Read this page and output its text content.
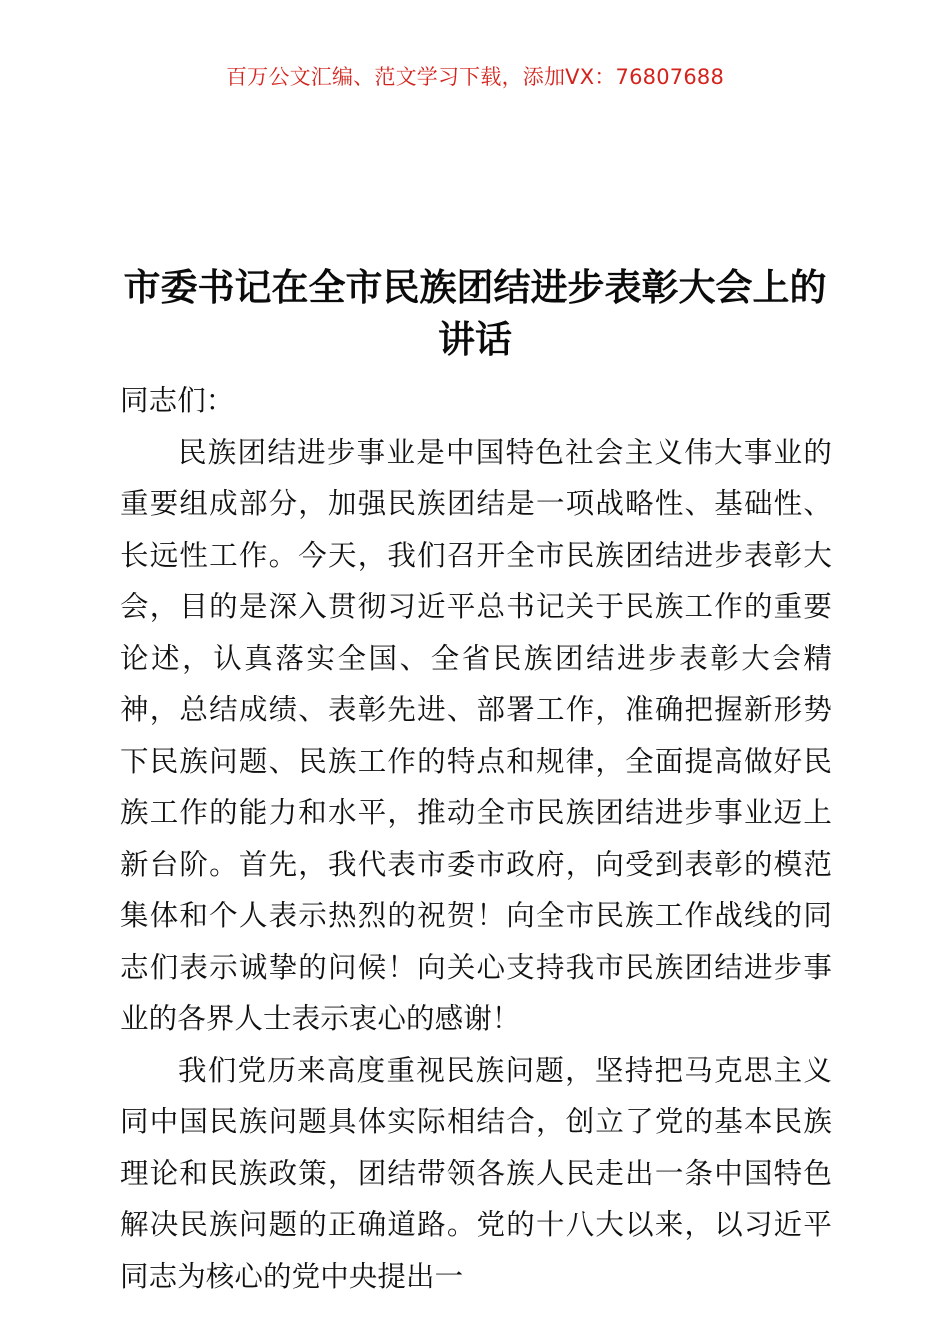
百万公文汇编、范文学习下载，添加VX：76807688
市委书记在全市民族团结进步表彰大会上的讲话

同志们：

民族团结进步事业是中国特色社会主义伟大事业的重要组成部分，加强民族团结是一项战略性、基础性、长远性工作。今天，我们召开全市民族团结进步表彰大会，目的是深入贯彻习近平总书记关于民族工作的重要论述，认真落实全国、全省民族团结进步表彰大会精神，总结成绩、表彰先进、部署工作，准确把握新形势下民族问题、民族工作的特点和规律，全面提高做好民族工作的能力和水平，推动全市民族团结进步事业迈上新台阶。首先，我代表市委市政府，向受到表彰的模范集体和个人表示热烈的祝贺！向全市民族工作战线的同志们表示诚挚的问候！向关心支持我市民族团结进步事业的各界人士表示衷心的感谢！

我们党历来高度重视民族问题，坚持把马克思主义同中国民族问题具体实际相结合，创立了党的基本民族理论和民族政策，团结带领各族人民走出一条中国特色解决民族问题的正确道路。党的十八大以来，以习近平同志为核心的党中央提出一
